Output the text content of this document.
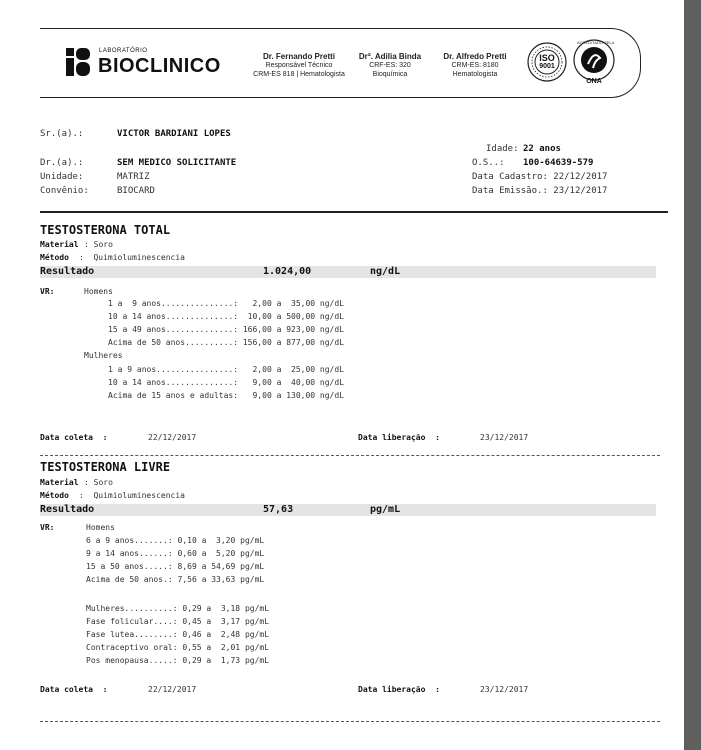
LABORATÓRIO
BIOCLINICO	Dr. Fernando Pretti
Responsável Técnico
CRM-ES 818 | Hematologista
Drª. Adilia Binda
CRF-ES: 320
Bioquímica
Dr. Alfredo Pretti
CRM-ES: 8180
Hematologista
ISO
9001
ACREDITADO PELA
ONA
Sr.(a).:	VICTOR BARDIANI LOPES
Idade: 22 anos
Dr.(a).:	SEM MEDICO SOLICITANTE	O.S..: 100-64639-579
Unidade:	MATRIZ	Data Cadastro: 22/12/2017
Convênio:	BIOCARD	Data Emissão.: 23/12/2017
TESTOSTERONA TOTAL
Material : Soro
Método :  Quimioluminescencia
Resultado	1.024,00	ng/dL
VR:	Homens
1 a  9 anos...............:   2,00 a  35,00 ng/dL
10 a 14 anos..............:  10,00 a 500,00 ng/dL
15 a 49 anos..............: 166,00 a 923,00 ng/dL
Acima de 50 anos..........: 156,00 a 877,00 ng/dL
Mulheres
1 a 9 anos................:   2,00 a  25,00 ng/dL
10 a 14 anos..............:   9,00 a  40,00 ng/dL
Acima de 15 anos e adultas:   9,00 a 130,00 ng/dL
Data coleta  :	22/12/2017	Data liberação  :	23/12/2017
TESTOSTERONA LIVRE
Material : Soro
Método :  Quimioluminescencia
Resultado	57,63	pg/mL
VR:	Homens
6 a 9 anos.......: 0,10 a  3,20 pg/mL
9 a 14 anos......: 0,60 a  5,20 pg/mL
15 a 50 anos.....: 8,69 a 54,69 pg/mL
Acima de 50 anos.: 7,56 a 33,63 pg/mL
Mulheres..........: 0,29 a  3,18 pg/mL
Fase folicular....: 0,45 a  3,17 pg/mL
Fase lutea........: 0,46 a  2,48 pg/mL
Contraceptivo oral: 0,55 a  2,01 pg/mL
Pos menopausa.....: 0,29 a  1,73 pg/mL
Data coleta  :	22/12/2017	Data liberação  :	23/12/2017
